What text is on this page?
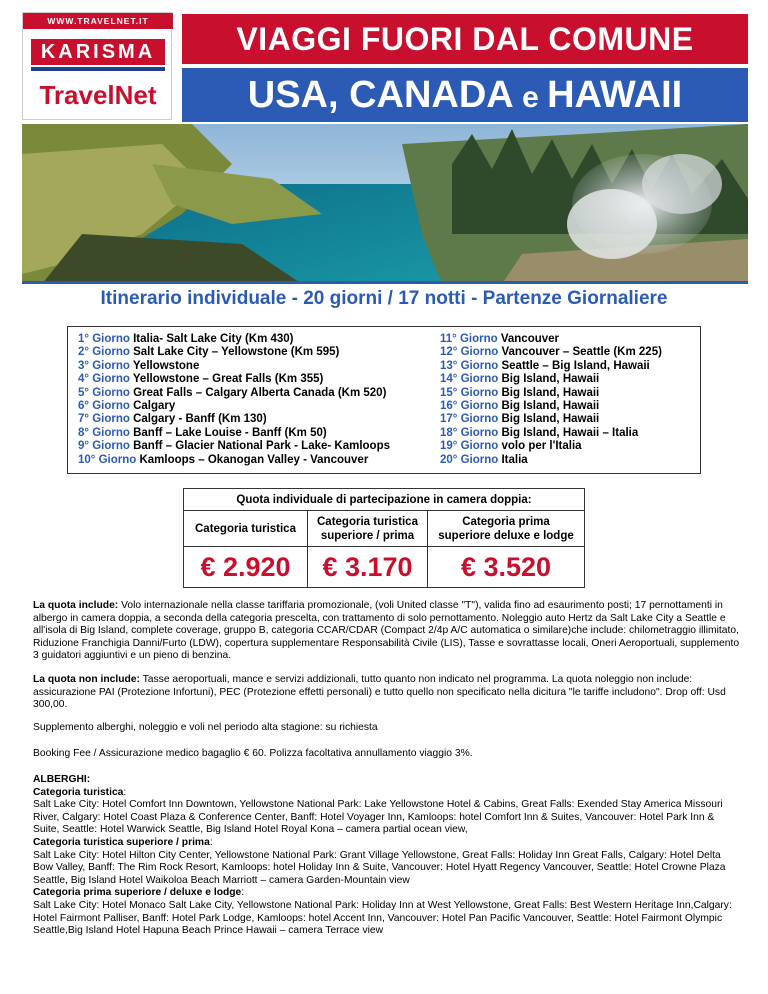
WWW.TRAVELNET.IT
KARISMA
TravelNet
VIAGGI FUORI DAL COMUNE
USA, CANADA e HAWAII
Itinerario individuale - 20 giorni / 17 notti - Partenze Giornaliere
1° Giorno Italia- Salt Lake City (Km 430)
2° Giorno Salt Lake City – Yellowstone (Km 595)
3° Giorno Yellowstone
4° Giorno Yellowstone – Great Falls (Km 355)
5° Giorno Great Falls – Calgary Alberta Canada (Km 520)
6° Giorno Calgary
7° Giorno Calgary - Banff (Km 130)
8° Giorno Banff – Lake Louise - Banff (Km 50)
9° Giorno Banff – Glacier National Park - Lake- Kamloops
10° Giorno Kamloops – Okanogan Valley - Vancouver
11° Giorno Vancouver
12° Giorno Vancouver – Seattle (Km 225)
13° Giorno Seattle – Big Island, Hawaii
14° Giorno Big Island, Hawaii
15° Giorno Big Island, Hawaii
16° Giorno Big Island, Hawaii
17° Giorno Big Island, Hawaii
18° Giorno Big Island, Hawaii – Italia
19° Giorno volo per l'Italia
20° Giorno Italia
Quota individuale di partecipazione in camera doppia:
Categoria turistica
Categoria turistica
superiore / prima
Categoria prima
superiore deluxe e lodge
€ 2.920	€ 3.170	€ 3.520
La quota include: Volo internazionale nella classe tariffaria promozionale, (voli United classe "T"), valida fino ad esaurimento posti; 17 pernottamenti in albergo in camera doppia, a seconda della categoria prescelta, con trattamento di solo pernottamento. Noleggio auto Hertz da Salt Lake City a Seattle e all'isola di Big Island, complete coverage, gruppo B, categoria CCAR/CDAR (Compact 2/4p A/C automatica o similare)che include: chilometraggio illimitato, Riduzione Franchigia Danni/Furto (LDW), copertura supplementare Responsabilità Civile (LIS), Tasse e sovrattasse locali, Oneri Aeroportuali, supplemento 3 guidatori aggiuntivi e un pieno di benzina.
La quota non include: Tasse aeroportuali, mance e servizi addizionali, tutto quanto non indicato nel programma. La quota noleggio non include: assicurazione PAI (Protezione Infortuni), PEC (Protezione effetti personali) e tutto quello non specificato nella dicitura "le tariffe includono". Drop off: Usd 300,00.
Supplemento alberghi, noleggio e voli nel periodo alta stagione: su richiesta
Booking Fee / Assicurazione medico bagaglio € 60. Polizza facoltativa annullamento viaggio 3%.
ALBERGHI:
Categoria turistica:
Salt Lake City: Hotel Comfort Inn Downtown, Yellowstone National Park: Lake Yellowstone Hotel & Cabins, Great Falls: Exended Stay America Missouri River, Calgary: Hotel Coast Plaza & Conference Center, Banff: Hotel Voyager Inn, Kamloops: hotel Comfort Inn & Suites, Vancouver: Hotel Park Inn & Suite, Seattle: Hotel Warwick Seattle, Big Island Hotel Royal Kona – camera partial ocean view,
Categoria turistica superiore / prima:
Salt Lake City: Hotel Hilton City Center, Yellowstone National Park: Grant Village Yellowstone, Great Falls: Holiday Inn Great Falls, Calgary: Hotel Delta Bow Valley, Banff: The Rim Rock Resort, Kamloops: hotel Holiday Inn & Suite, Vancouver: Hotel Hyatt Regency Vancouver, Seattle: Hotel Crowne Plaza Seattle, Big Island Hotel Waikoloa Beach Marriott – camera Garden-Mountain view
Categoria prima superiore / deluxe e lodge:
Salt Lake City: Hotel Monaco Salt Lake City, Yellowstone National Park: Holiday Inn at West Yellowstone, Great Falls: Best Western Heritage Inn,Calgary: Hotel Fairmont Palliser, Banff: Hotel Park Lodge, Kamloops: hotel Accent Inn, Vancouver: Hotel Pan Pacific Vancouver, Seattle: Hotel Fairmont Olympic Seattle,Big Island Hotel Hapuna Beach Prince Hawaii – camera Terrace view
